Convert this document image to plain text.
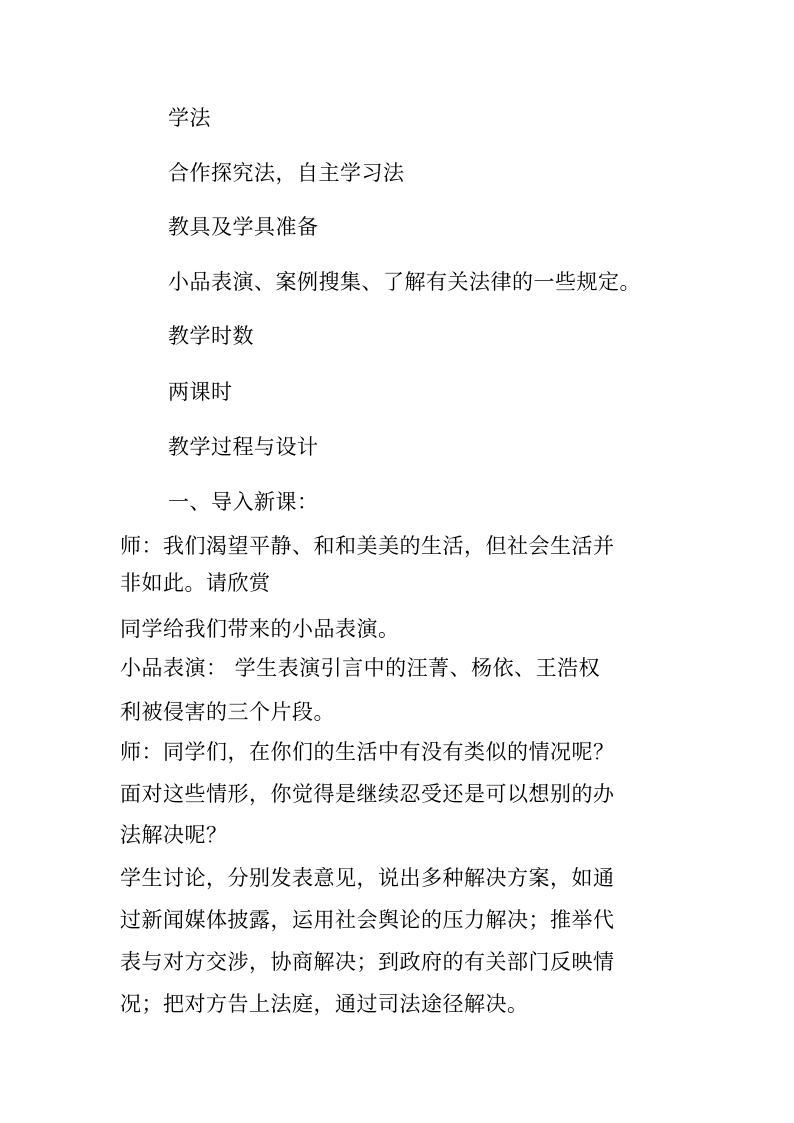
学法
合作探究法，自主学习法
教具及学具准备
小品表演、案例搜集、了解有关法律的一些规定。
教学时数
两课时
教学过程与设计
一、导入新课：
师：我们渴望平静、和和美美的生活，但社会生活并
非如此。请欣赏
同学给我们带来的小品表演。
小品表演： 学生表演引言中的汪菁、杨依、王浩权
利被侵害的三个片段。
师：同学们，在你们的生活中有没有类似的情况呢？
面对这些情形，你觉得是继续忍受还是可以想别的办
法解决呢？
学生讨论，分别发表意见，说出多种解决方案，如通
过新闻媒体披露，运用社会舆论的压力解决；推举代
表与对方交涉，协商解决；到政府的有关部门反映情
况；把对方告上法庭，通过司法途径解决。
